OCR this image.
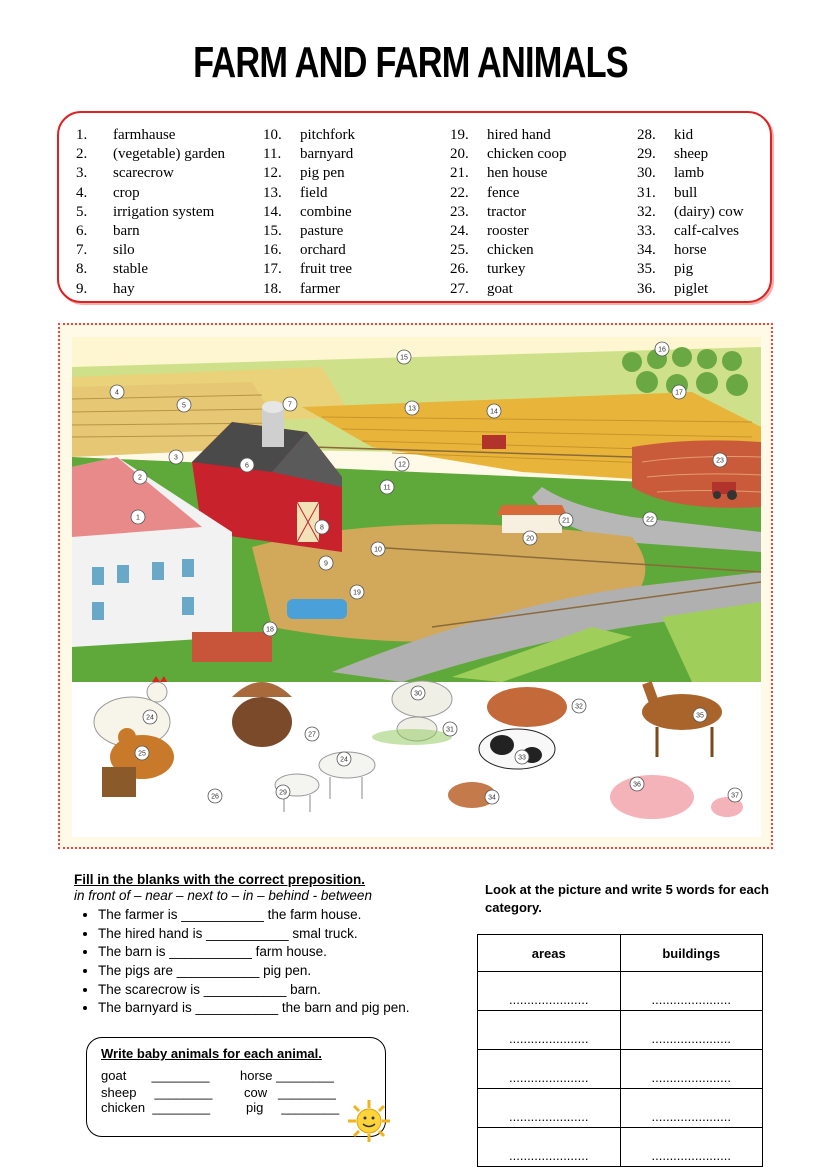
FARM AND FARM ANIMALS
1. farmhause
2. (vegetable) garden
3. scarecrow
4. crop
5. irrigation system
6. barn
7. silo
8. stable
9. hay
10. pitchfork
11. barnyard
12. pig pen
13. field
14. combine
15. pasture
16. orchard
17. fruit tree
18. farmer
19. hired hand
20. chicken coop
21. hen house
22. fence
23. tractor
24. rooster
25. chicken
26. turkey
27. goat
28. kid
29. sheep
30. lamb
31. bull
32. (dairy) cow
33. calf-calves
34. horse
35. pig
36. piglet
1
2
3
4
5
6
7
8
9
10
11
12
13	14
15
16
17
18
19
20
21	22
23
24
25
26
27
24
29
30
31
32
33
34
35
36
37
Fill in the blanks with the correct preposition.
in front of – near – next to – in – behind - between
• The farmer is ___________ the farm house.
• The hired hand is ___________ smal truck.
• The barn is ___________ farm house.
• The pigs are ___________ pig pen.
• The scarecrow is ___________ barn.
• The barnyard is ___________ the barn and pig pen.
Look at the picture and write 5 words for each category.
areas	buildings
......................	......................
......................	......................
......................	......................
......................	......................
......................	......................
Write baby animals for each animal.
goat ________ horse ________
sheep ________ cow ________
chicken ________	pig ________
